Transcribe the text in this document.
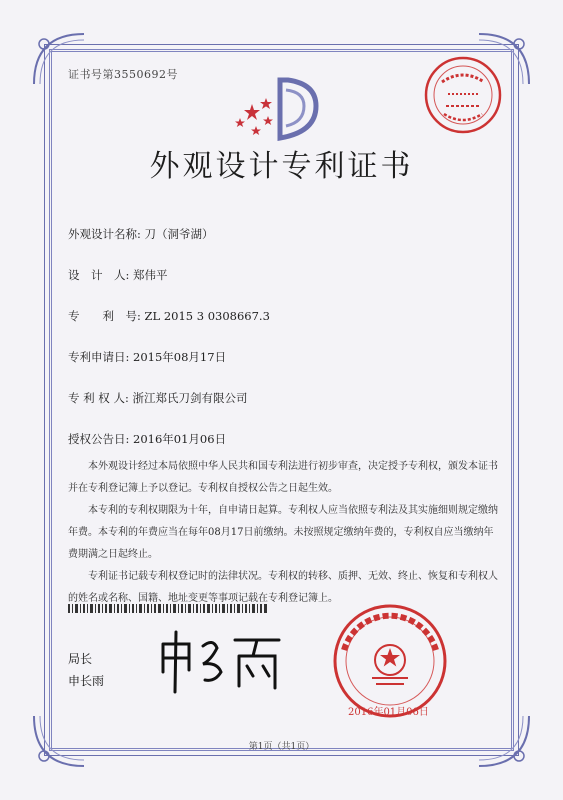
证书号第3550692号
外观设计专利证书
外观设计名称: 刀（洞爷湖）
设　计　人: 郑伟平
专　　利　号: ZL 2015 3 0308667.3
专利申请日: 2015年08月17日
专 利 权 人: 浙江郑氏刀剑有限公司
授权公告日: 2016年01月06日

本外观设计经过本局依照中华人民共和国专利法进行初步审查，决定授予专利权，颁发本证书并在专利登记簿上予以登记。专利权自授权公告之日起生效。

本专利的专利权期限为十年，自申请日起算。专利权人应当依照专利法及其实施细则规定缴纳年费。本专利的年费应当在每年08月17日前缴纳。未按照规定缴纳年费的，专利权自应当缴纳年费期满之日起终止。

专利证书记载专利权登记时的法律状况。专利权的转移、质押、无效、终止、恢复和专利权人的姓名或名称、国籍、地址变更等事项记载在专利登记簿上。

局长
申长雨
2016年01月06日
第1页（共1页）
